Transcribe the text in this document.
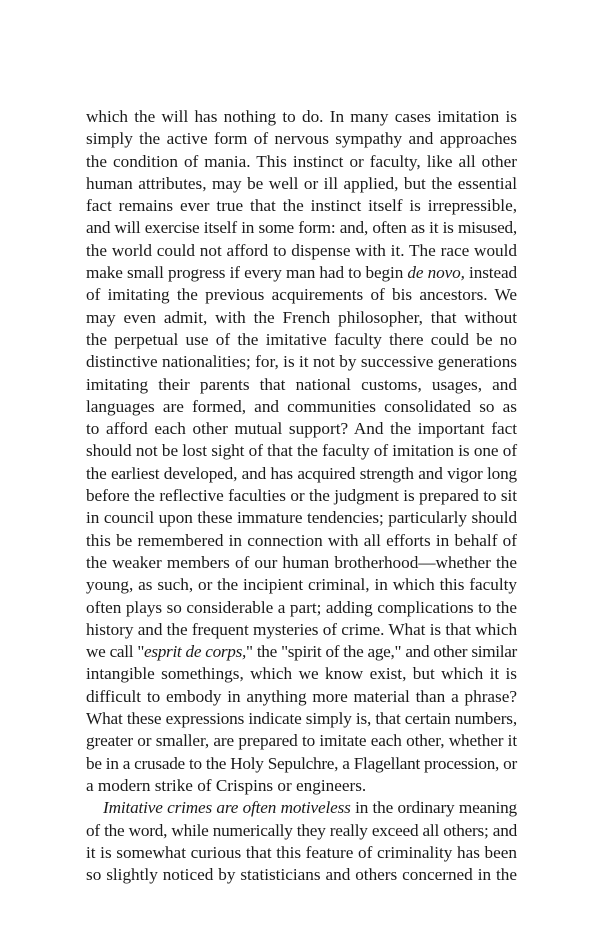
which the will has nothing to do. In many cases imitation is
simply the active form of nervous sympathy and approaches
the condition of mania. This instinct or faculty, like all other
human attributes, may be well or ill applied, but the essential
fact remains ever true that the instinct itself is irrepressible,
and will exercise itself in some form: and, often as it is misused,
the world could not afford to dispense with it. The race would
make small progress if every man had to begin de novo, instead
of imitating the previous acquirements of bis ancestors. We
may even admit, with the French philosopher, that without
the perpetual use of the imitative faculty there could be no
distinctive nationalities; for, is it not by successive generations
imitating their parents that national customs, usages, and
languages are formed, and communities consolidated so as
to afford each other mutual support? And the important fact
should not be lost sight of that the faculty of imitation is one of
the earliest developed, and has acquired strength and vigor long
before the reflective faculties or the judgment is prepared to sit
in council upon these immature tendencies; particularly should
this be remembered in connection with all efforts in behalf of
the weaker members of our human brotherhood—whether the
young, as such, or the incipient criminal, in which this faculty
often plays so considerable a part; adding complications to the
history and the frequent mysteries of crime. What is that which
we call "esprit de corps," the "spirit of the age," and other similar
intangible somethings, which we know exist, but which it is
difficult to embody in anything more material than a phrase?
What these expressions indicate simply is, that certain numbers,
greater or smaller, are prepared to imitate each other, whether it
be in a crusade to the Holy Sepulchre, a Flagellant procession, or
a modern strike of Crispins or engineers.
Imitative crimes are often motiveless in the ordinary meaning
of the word, while numerically they really exceed all others; and
it is somewhat curious that this feature of criminality has been
so slightly noticed by statisticians and others concerned in the
